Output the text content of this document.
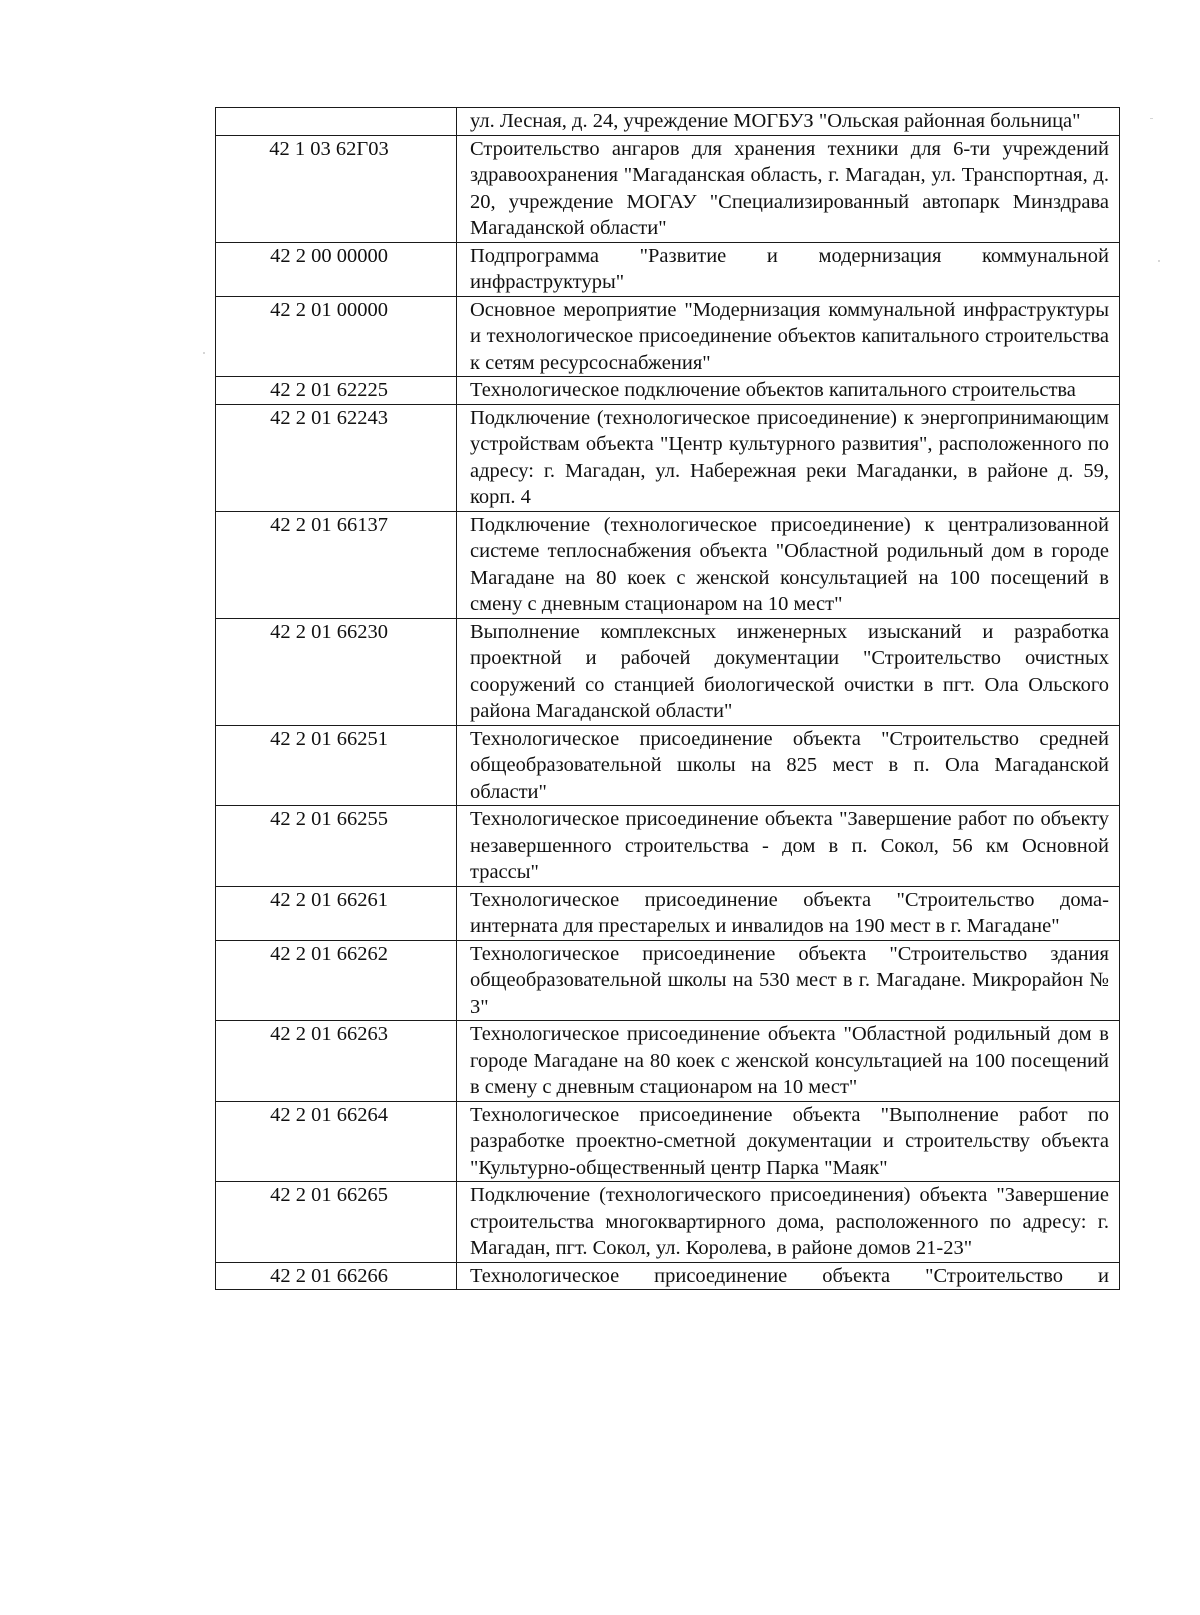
	ул. Лесная, д. 24, учреждение МОГБУЗ "Ольская районная больница"
42 1 03 62Г03	Строительство ангаров для хранения техники для 6-ти учреждений здравоохранения "Магаданская область, г. Магадан, ул. Транспортная, д. 20, учреждение МОГАУ "Специализированный автопарк Минздрава Магаданской области"
42 2 00 00000	Подпрограмма "Развитие и модернизация коммунальной инфраструктуры"
42 2 01 00000	Основное мероприятие "Модернизация коммунальной инфраструктуры и технологическое присоединение объектов капитального строительства к сетям ресурсоснабжения"
42 2 01 62225	Технологическое подключение объектов капитального строительства
42 2 01 62243	Подключение (технологическое присоединение) к энергопринимающим устройствам объекта "Центр культурного развития", расположенного по адресу: г. Магадан, ул. Набережная реки Магаданки, в районе д. 59, корп. 4
42 2 01 66137	Подключение (технологическое присоединение) к централизованной системе теплоснабжения объекта "Областной родильный дом в городе Магадане на 80 коек с женской консультацией на 100 посещений в смену с дневным стационаром на 10 мест"
42 2 01 66230	Выполнение комплексных инженерных изысканий и разработка проектной и рабочей документации "Строительство очистных сооружений со станцией биологической очистки в пгт. Ола Ольского района Магаданской области"
42 2 01 66251	Технологическое присоединение объекта "Строительство средней общеобразовательной школы на 825 мест в п. Ола Магаданской области"
42 2 01 66255	Технологическое присоединение объекта "Завершение работ по объекту незавершенного строительства - дом в п. Сокол, 56 км Основной трассы"
42 2 01 66261	Технологическое присоединение объекта "Строительство дома-интерната для престарелых и инвалидов на 190 мест в г. Магадане"
42 2 01 66262	Технологическое присоединение объекта "Строительство здания общеобразовательной школы на 530 мест в г. Магадане. Микрорайон № 3"
42 2 01 66263	Технологическое присоединение объекта "Областной родильный дом в городе Магадане на 80 коек с женской консультацией на 100 посещений в смену с дневным стационаром на 10 мест"
42 2 01 66264	Технологическое присоединение объекта "Выполнение работ по разработке проектно-сметной документации и строительству объекта "Культурно-общественный центр Парка "Маяк"
42 2 01 66265	Подключение (технологического присоединения) объекта "Завершение строительства многоквартирного дома, расположенного по адресу: г. Магадан, пгт. Сокол, ул. Королева, в районе домов 21-23"
42 2 01 66266	Технологическое присоединение объекта "Строительство и
